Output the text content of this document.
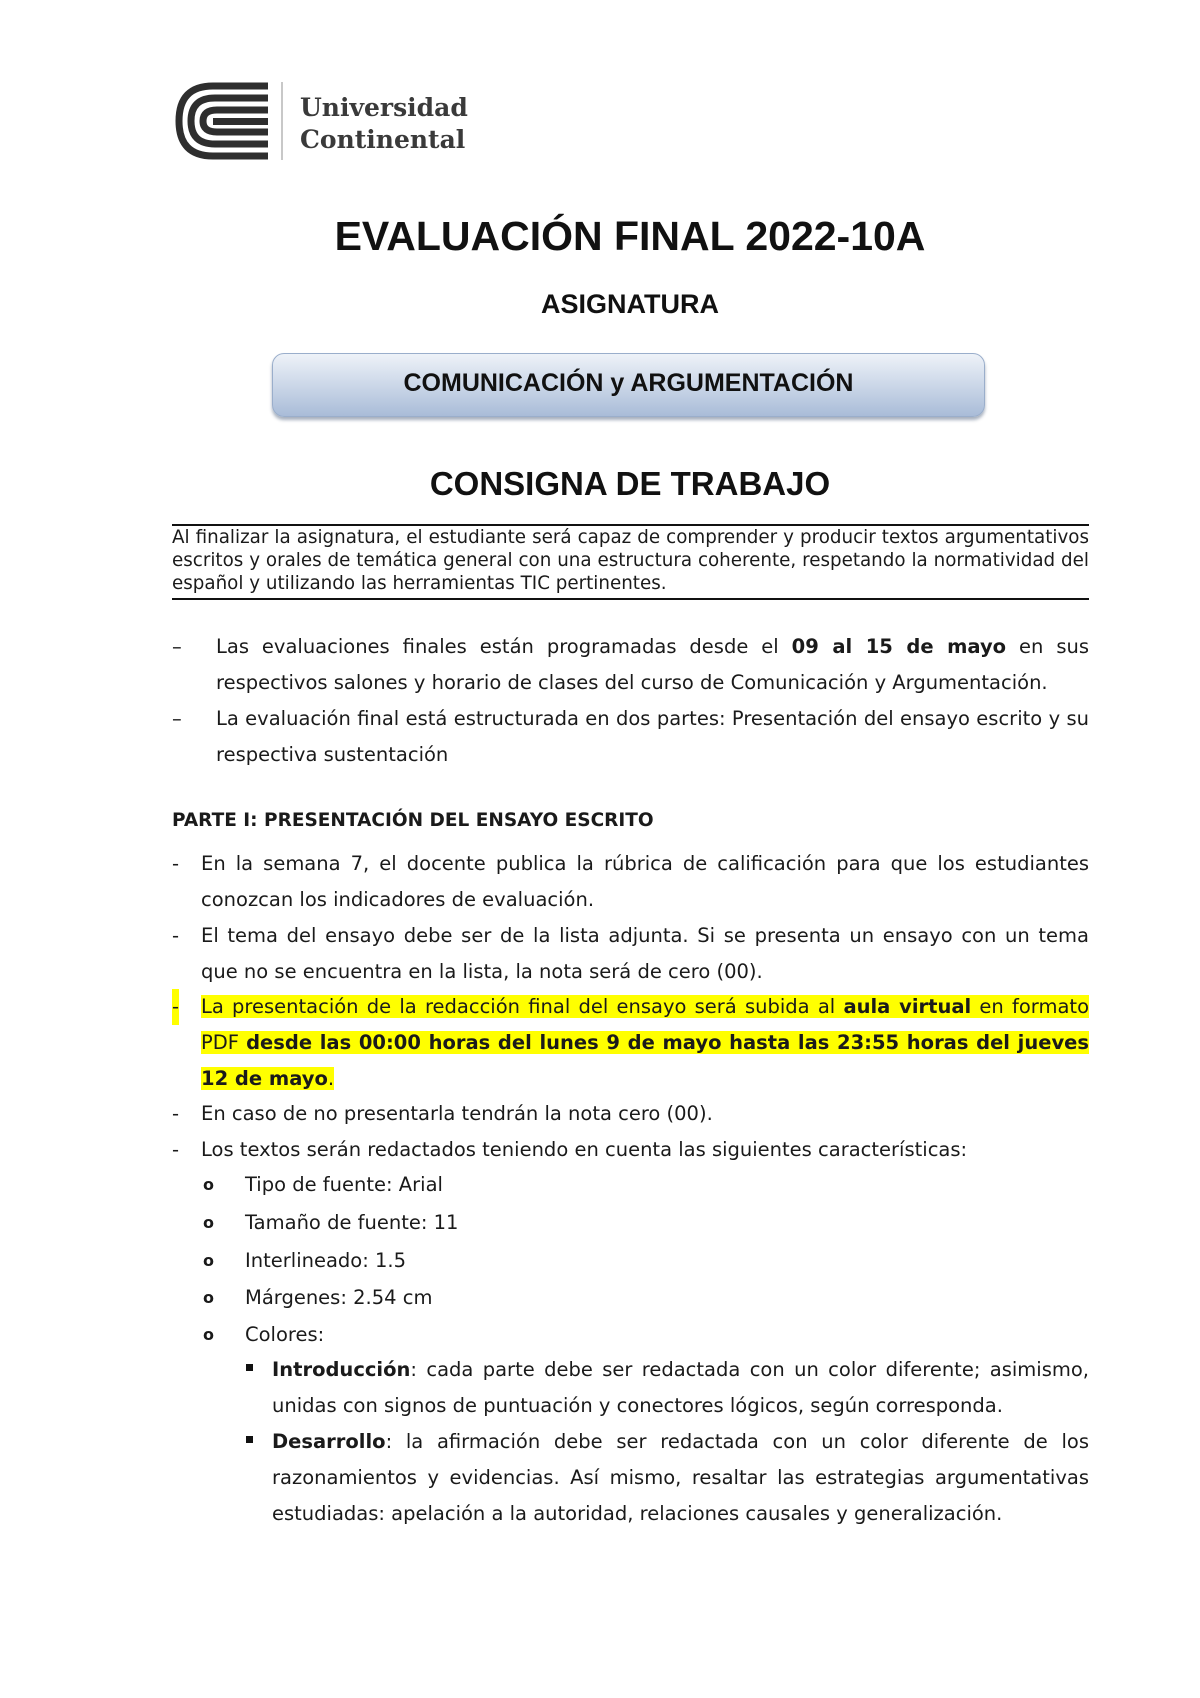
Universidad
Continental
EVALUACIÓN FINAL 2022-10A
ASIGNATURA
COMUNICACIÓN y ARGUMENTACIÓN
CONSIGNA DE TRABAJO

Al finalizar la asignatura, el estudiante será capaz de comprender y producir textos argumentativos escritos y orales de temática general con una estructura coherente, respetando la normatividad del español y utilizando las herramientas TIC pertinentes.

– Las evaluaciones finales están programadas desde el 09 al 15 de mayo en sus respectivos salones y horario de clases del curso de Comunicación y Argumentación.
– La evaluación final está estructurada en dos partes: Presentación del ensayo escrito y su respectiva sustentación
PARTE I: PRESENTACIÓN DEL ENSAYO ESCRITO
- En la semana 7, el docente publica la rúbrica de calificación para que los estudiantes conozcan los indicadores de evaluación.
- El tema del ensayo debe ser de la lista adjunta. Si se presenta un ensayo con un tema que no se encuentra en la lista, la nota será de cero (00).
- La presentación de la redacción final del ensayo será subida al aula virtual en formato PDF desde las 00:00 horas del lunes 9 de mayo hasta las 23:55 horas del jueves 12 de mayo.
- En caso de no presentarla tendrán la nota cero (00).
- Los textos serán redactados teniendo en cuenta las siguientes características:
o Tipo de fuente: Arial
o Tamaño de fuente: 11
o Interlineado: 1.5
o Márgenes: 2.54 cm
o Colores:
Introducción: cada parte debe ser redactada con un color diferente; asimismo, unidas con signos de puntuación y conectores lógicos, según corresponda.
Desarrollo: la afirmación debe ser redactada con un color diferente de los razonamientos y evidencias. Así mismo, resaltar las estrategias argumentativas estudiadas: apelación a la autoridad, relaciones causales y generalización.
